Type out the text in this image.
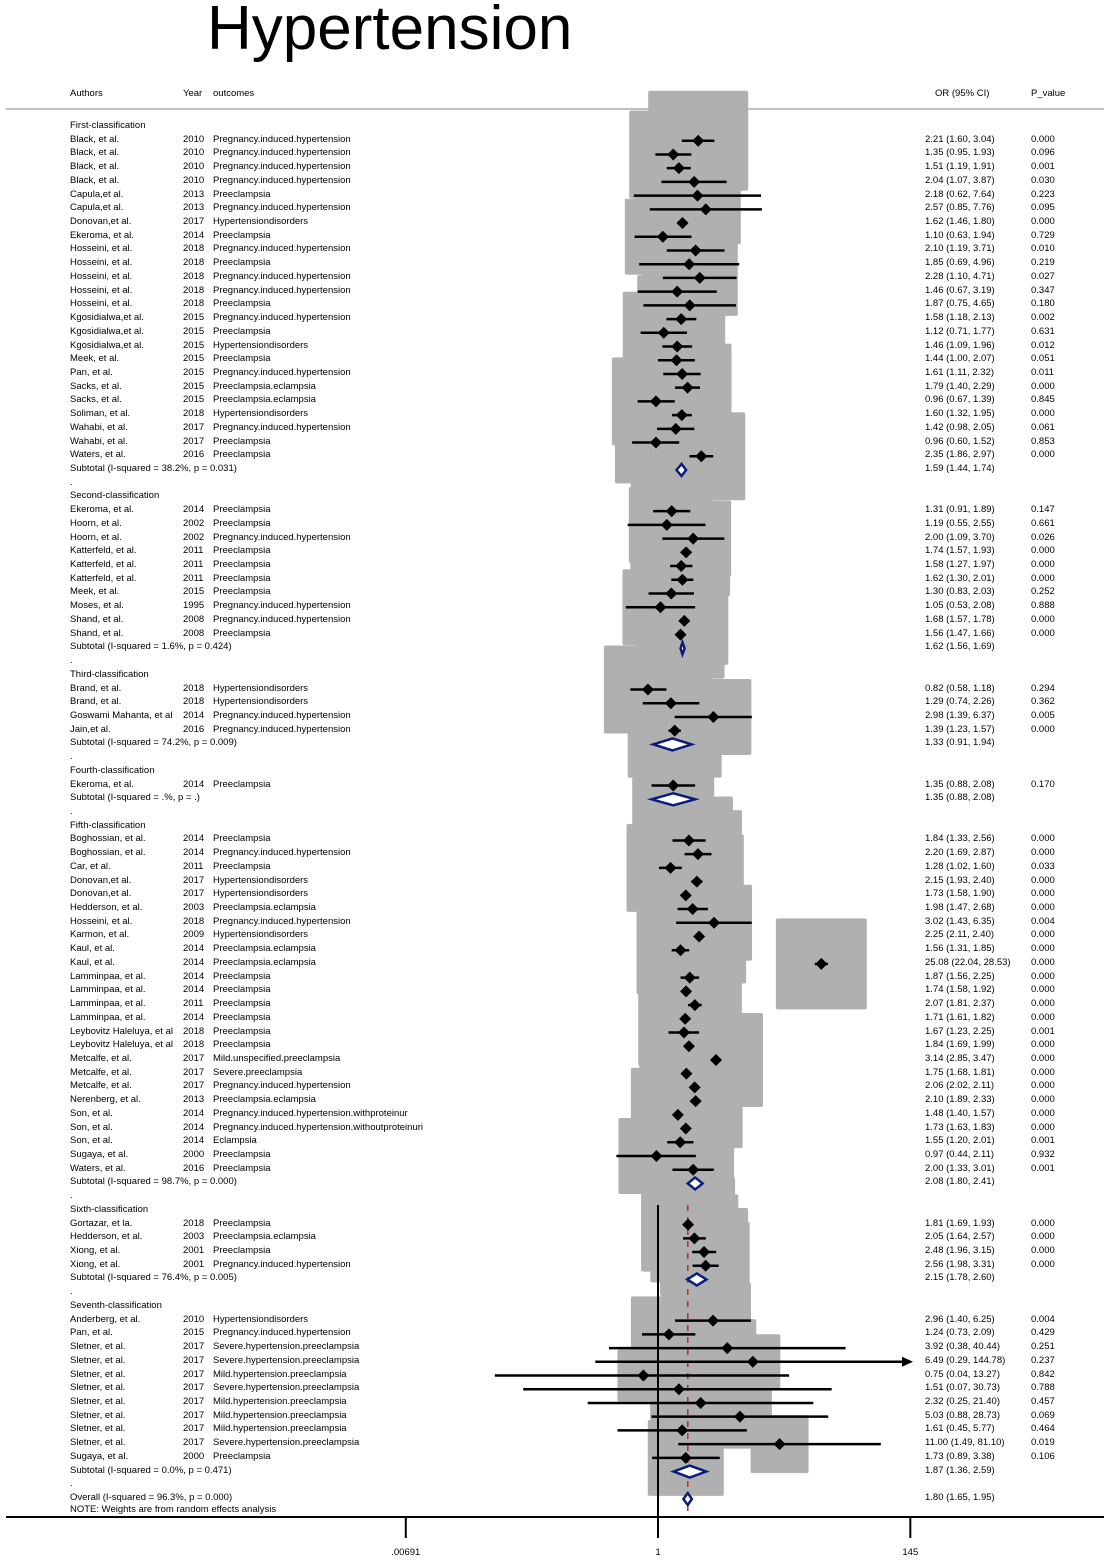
Hypertension
Authors	Year outcomes	OR (95% CI)	P_value
First-classification
Black, et al.	2010 Pregnancy.induced.hypertension	2.21 (1.60, 3.04)	0.000
Black, et al.	2010 Pregnancy.induced.hypertension	1.35 (0.95, 1.93)	0.096
Black, et al.	2010 Pregnancy.induced.hypertension	1.51 (1.19, 1.91)	0.001
Black, et al.	2010 Pregnancy.induced.hypertension	2.04 (1.07, 3.87)	0.030
Capula,et al.	2013 Preeclampsia	2.18 (0.62, 7.64)	0.223
Capula,et al.	2013 Pregnancy.induced.hypertension	2.57 (0.85, 7.76)	0.095
Donovan,et al.	2017 Hypertensiondisorders	1.62 (1.46, 1.80)	0.000
Ekeroma, et al.	2014 Preeclampsia	1.10 (0.63, 1.94)	0.729
Hosseini, et al.	2018 Pregnancy.induced.hypertension	2.10 (1.19, 3.71)	0.010
Hosseini, et al.	2018 Preeclampsia	1.85 (0.69, 4.96)	0.219
Hosseini, et al.	2018 Pregnancy.induced.hypertension	2.28 (1.10, 4.71)	0.027
Hosseini, et al.	2018 Pregnancy.induced.hypertension	1.46 (0.67, 3.19)	0.347
Hosseini, et al.	2018 Preeclampsia	1.87 (0.75, 4.65)	0.180
Kgosidialwa,et al.	2015 Pregnancy.induced.hypertension	1.58 (1.18, 2.13)	0.002
Kgosidialwa,et al.	2015 Preeclampsia	1.12 (0.71, 1.77)	0.631
Kgosidialwa,et al.	2015 Hypertensiondisorders	1.46 (1.09, 1.96)	0.012
Meek, et al.	2015 Preeclampsia	1.44 (1.00, 2.07)	0.051
Pan, et al.	2015 Pregnancy.induced.hypertension	1.61 (1.11, 2.32)	0.011
Sacks, et al.	2015 Preeclampsia.eclampsia	1.79 (1.40, 2.29)	0.000
Sacks, et al.	2015 Preeclampsia.eclampsia	0.96 (0.67, 1.39)	0.845
Soliman, et al.	2018 Hypertensiondisorders	1.60 (1.32, 1.95)	0.000
Wahabi, et al.	2017 Pregnancy.induced.hypertension	1.42 (0.98, 2.05)	0.061
Wahabi, et al.	2017 Preeclampsia	0.96 (0.60, 1.52)	0.853
Waters, et al.	2016 Preeclampsia	2.35 (1.86, 2.97)	0.000
Subtotal (I-squared = 38.2%, p = 0.031)	1.59 (1.44, 1.74)
.
Second-classification
Ekeroma, et al.	2014 Preeclampsia	1.31 (0.91, 1.89)	0.147
Hoorn, et al.	2002 Preeclampsia	1.19 (0.55, 2.55)	0.661
Hoorn, et al.	2002 Pregnancy.induced.hypertension	2.00 (1.09, 3.70)	0.026
Katterfeld, et al.	2011 Preeclampsia	1.74 (1.57, 1.93)	0.000
Katterfeld, et al.	2011 Preeclampsia	1.58 (1.27, 1.97)	0.000
Katterfeld, et al.	2011 Preeclampsia	1.62 (1.30, 2.01)	0.000
Meek, et al.	2015 Preeclampsia	1.30 (0.83, 2.03)	0.252
Moses, et al.	1995 Pregnancy.induced.hypertension	1.05 (0.53, 2.08)	0.888
Shand, et al.	2008 Pregnancy.induced.hypertension	1.68 (1.57, 1.78)	0.000
Shand, et al.	2008 Preeclampsia	1.56 (1.47, 1.66)	0.000
Subtotal (I-squared = 1.6%, p = 0.424)	1.62 (1.56, 1.69)
.
Third-classification
Brand, et al.	2018 Hypertensiondisorders	0.82 (0.58, 1.18)	0.294
Brand, et al.	2018 Hypertensiondisorders	1.29 (0.74, 2.26)	0.362
Goswami Mahanta, et al 2014 Pregnancy.induced.hypertension	2.98 (1.39, 6.37)	0.005
Jain,et al.	2016 Pregnancy.induced.hypertension	1.39 (1.23, 1.57)	0.000
Subtotal (I-squared = 74.2%, p = 0.009)	1.33 (0.91, 1.94)
.
Fourth-classification
Ekeroma, et al.	2014 Preeclampsia	1.35 (0.88, 2.08)	0.170
Subtotal (I-squared = .%, p = .)	1.35 (0.88, 2.08)
.
Fifth-classification
Boghossian, et al.	2014 Preeclampsia	1.84 (1.33, 2.56)	0.000
Boghossian, et al.	2014 Pregnancy.induced.hypertension	2.20 (1.69, 2.87)	0.000
Car, et al.	2011 Preeclampsia	1.28 (1.02, 1.60)	0.033
Donovan,et al.	2017 Hypertensiondisorders	2.15 (1.93, 2.40)	0.000
Donovan,et al.	2017 Hypertensiondisorders	1.73 (1.58, 1.90)	0.000
Hedderson, et al.	2003 Preeclampsia.eclampsia	1.98 (1.47, 2.68)	0.000
Hosseini, et al.	2018 Pregnancy.induced.hypertension	3.02 (1.43, 6.35)	0.004
Karmon, et al.	2009 Hypertensiondisorders	2.25 (2.11, 2.40)	0.000
Kaul, et al.	2014 Preeclampsia.eclampsia	1.56 (1.31, 1.85)	0.000
Kaul, et al.	2014 Preeclampsia.eclampsia	25.08 (22.04, 28.53) 0.000
Lamminpaa, et al.	2014 Preeclampsia	1.87 (1.56, 2.25)	0.000
Lamminpaa, et al.	2014 Preeclampsia	1.74 (1.58, 1.92)	0.000
Lamminpaa, et al.	2011 Preeclampsia	2.07 (1.81, 2.37)	0.000
Lamminpaa, et al.	2014 Preeclampsia	1.71 (1.61, 1.82)	0.000
Leybovitz Haleluya, et al 2018 Preeclampsia	1.67 (1.23, 2.25)	0.001
Leybovitz Haleluya, et al 2018 Preeclampsia	1.84 (1.69, 1.99)	0.000
Metcalfe, et al.	2017 Mild.unspecified.preeclampsia	3.14 (2.85, 3.47)	0.000
Metcalfe, et al.	2017 Severe.preeclampsia	1.75 (1.68, 1.81)	0.000
Metcalfe, et al.	2017 Pregnancy.induced.hypertension	2.06 (2.02, 2.11)	0.000
Nerenberg, et al.	2013 Preeclampsia.eclampsia	2.10 (1.89, 2.33)	0.000
Son, et al.	2014 Pregnancy.induced.hypertension.withproteinur	1.48 (1.40, 1.57)	0.000
Son, et al.	2014 Pregnancy.induced.hypertension.withoutproteinuri	1.73 (1.63, 1.83)	0.000
Son, et al.	2014 Eclampsia	1.55 (1.20, 2.01)	0.001
Sugaya, et al.	2000 Preeclampsia	0.97 (0.44, 2.11)	0.932
Waters, et al.	2016 Preeclampsia	2.00 (1.33, 3.01)	0.001
Subtotal (I-squared = 98.7%, p = 0.000)	2.08 (1.80, 2.41)
.
Sixth-classification
Gortazar, et la.	2018 Preeclampsia	1.81 (1.69, 1.93)	0.000
Hedderson, et al.	2003 Preeclampsia.eclampsia	2.05 (1.64, 2.57)	0.000
Xiong, et al.	2001 Preeclampsia	2.48 (1.96, 3.15)	0.000
Xiong, et al.	2001 Pregnancy.induced.hypertension	2.56 (1.98, 3.31)	0.000
Subtotal (I-squared = 76.4%, p = 0.005)	2.15 (1.78, 2.60)
.
Seventh-classification
Anderberg, et al.	2010 Hypertensiondisorders	2.96 (1.40, 6.25)	0.004
Pan, et al.	2015 Pregnancy.induced.hypertension	1.24 (0.73, 2.09)	0.429
Sletner, et al.	2017 Severe.hypertension.preeclampsia	3.92 (0.38, 40.44)	0.251
Sletner, et al.	2017 Severe.hypertension.preeclampsia	6.49 (0.29, 144.78)	0.237
Sletner, et al.	2017 Mild.hypertension.preeclampsia	0.75 (0.04, 13.27)	0.842
Sletner, et al.	2017 Severe.hypertension.preeclampsia	1.51 (0.07, 30.73)	0.788
Sletner, et al.	2017 Mild.hypertension.preeclampsia	2.32 (0.25, 21.40)	0.457
Sletner, et al.	2017 Mild.hypertension.preeclampsia	5.03 (0.88, 28.73)	0.069
Sletner, et al.	2017 Mild.hypertension.preeclampsia	1.61 (0.45, 5.77)	0.464
Sletner, et al.	2017 Severe.hypertension.preeclampsia	11.00 (1.49, 81.10)	0.019
Sugaya, et al.	2000 Preeclampsia	1.73 (0.89, 3.38)	0.106
Subtotal (I-squared = 0.0%, p = 0.471)	1.87 (1.36, 2.59)
.
Overall (I-squared = 96.3%, p = 0.000)	1.80 (1.65, 1.95)
.00691	1	145
NOTE: Weights are from random effects analysis
